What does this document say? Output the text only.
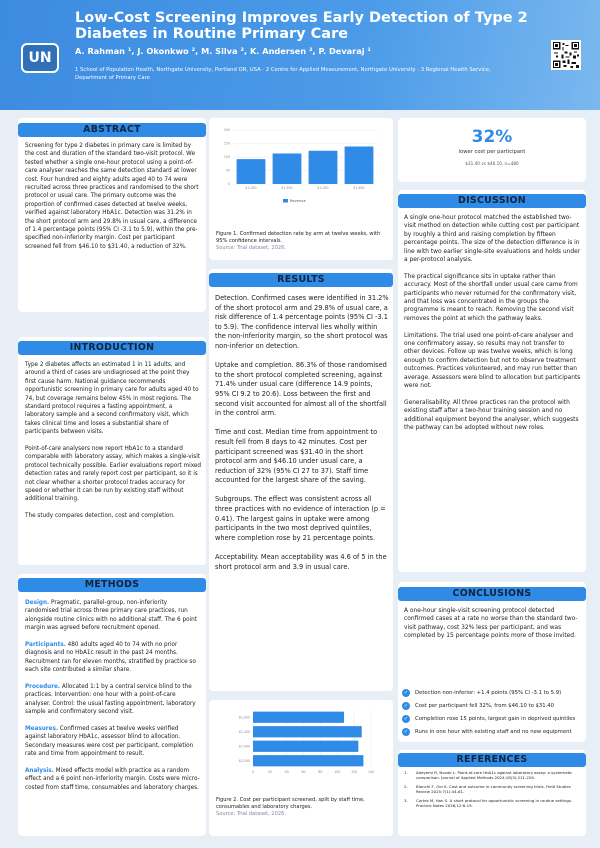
UN
Low-Cost Screening Improves Early Detection of Type 2 Diabetes in Routine Primary Care
A. Rahman ¹, J. Okonkwo ², M. Silva ³, K. Andersen ², P. Devaraj ¹
1 School of Population Health, Northgate University, Portland OR, USA · 2 Centre for Applied Measurement, Northgate University · 3 Regional Health Service, Department of Primary Care
ABSTRACT
Screening for type 2 diabetes in primary care is limited by the cost and duration of the standard two-visit protocol. We tested whether a single one-hour protocol using a point-of-care analyser reaches the same detection standard at lower cost. Four hundred and eighty adults aged 40 to 74 were recruited across three practices and randomised to the short protocol or usual care. The primary outcome was the proportion of confirmed cases detected at twelve weeks, verified against laboratory HbA1c. Detection was 31.2% in the short protocol arm and 29.8% in usual care, a difference of 1.4 percentage points (95% CI -3.1 to 5.9), within the pre-specified non-inferiority margin. Cost per participant screened fell from $46.10 to $31.40, a reduction of 32%.
INTRODUCTION

Type 2 diabetes affects an estimated 1 in 11 adults, and around a third of cases are undiagnosed at the point they first cause harm. National guidance recommends opportunistic screening in primary care for adults aged 40 to 74, but coverage remains below 45% in most regions. The standard protocol requires a fasting appointment, a laboratory sample and a second confirmatory visit, which takes clinical time and loses a substantial share of participants between visits.

Point-of-care analysers now report HbA1c to a standard comparable with laboratory assay, which makes a single-visit protocol technically possible. Earlier evaluations report mixed detection rates and rarely report cost per participant, so it is not clear whether a shorter protocol trades accuracy for speed or whether it can be run by existing staff without additional training.

The study compares detection, cost and completion.

METHODS

Design. Pragmatic, parallel-group, non-inferiority randomised trial across three primary care practices, run alongside routine clinics with no additional staff. The 6 point margin was agreed before recruitment opened.

Participants. 480 adults aged 40 to 74 with no prior diagnosis and no HbA1c result in the past 24 months. Recruitment ran for eleven months, stratified by practice so each site contributed a similar share.

Procedure. Allocated 1:1 by a central service blind to the practices. Intervention: one hour with a point-of-care analyser. Control: the usual fasting appointment, laboratory sample and confirmatory second visit.

Measures. Confirmed cases at twelve weeks verified against laboratory HbA1c, assessor blind to allocation. Secondary measures were cost per participant, completion rate and time from appointment to result.

Analysis. Mixed effects model with practice as a random effect and a 6 point non-inferiority margin. Costs were micro-costed from staff time, consumables and laboratory charges.

0
50
100
150
200
$1,050	$1,550	$1,050	$1,650
Revenue
Figure 1. Confirmed detection rate by arm at twelve weeks, with 95% confidence intervals.
Source: Trial dataset, 2026.
RESULTS

Detection. Confirmed cases were identified in 31.2% of the short protocol arm and 29.8% of usual care, a risk difference of 1.4 percentage points (95% CI -3.1 to 5.9). The confidence interval lies wholly within the non-inferiority margin, so the short protocol was non-inferior on detection.

Uptake and completion. 86.3% of those randomised to the short protocol completed screening, against 71.4% under usual care (difference 14.9 points, 95% CI 9.2 to 20.6). Loss between the first and second visit accounted for almost all of the shortfall in the control arm.

Time and cost. Median time from appointment to result fell from 8 days to 42 minutes. Cost per participant screened was $31.40 in the short protocol arm and $46.10 under usual care, a reduction of 32% (95% CI 27 to 37). Staff time accounted for the largest share of the saving.

Subgroups. The effect was consistent across all three practices with no evidence of interaction (p = 0.41). The largest gains in uptake were among participants in the two most deprived quintiles, where completion rose by 21 percentage points.

Acceptability. Mean acceptability was 4.6 of 5 in the short protocol arm and 3.9 in usual care.

0	20	40	60	80	100	120	140
$1,000
$1,400
$7,000
$2,500
Figure 2. Cost per participant screened, split by staff time, consumables and laboratory charges.
Source: Trial dataset, 2026.
32%
lower cost per participant
$31.40 vs $46.10, n=480
DISCUSSION

A single one-hour protocol matched the established two-visit method on detection while cutting cost per participant by roughly a third and raising completion by fifteen percentage points. The size of the detection difference is in line with two earlier single-site evaluations and holds under a per-protocol analysis.

The practical significance sits in uptake rather than accuracy. Most of the shortfall under usual care came from participants who never returned for the confirmatory visit, and that loss was concentrated in the groups the programme is meant to reach. Removing the second visit removes the point at which the pathway leaks.

Limitations. The trial used one point-of-care analyser and one confirmatory assay, so results may not transfer to other devices. Follow up was twelve weeks, which is long enough to confirm detection but not to observe treatment outcomes. Practices volunteered, and may run better than average. Assessors were blind to allocation but participants were not.

Generalisability. All three practices ran the protocol with existing staff after a two-hour training session and no additional equipment beyond the analyser, which suggests the pathway can be adopted without new roles.

CONCLUSIONS
A one-hour single-visit screening protocol detected confirmed cases at a rate no worse than the standard two-visit pathway, cost 32% less per participant, and was completed by 15 percentage points more of those invited.
✓	Detection non-inferior: +1.4 points (95% CI -3.1 to 5.9)
✓	Cost per participant fell 32%, from $46.10 to $31.40
✓	Completion rose 15 points, largest gain in deprived quintiles
✓	Runs in one hour with existing staff and no new equipment
REFERENCES
1.	Adeyemi R, Novak L. Point-of-care HbA1c against laboratory assay: a systematic comparison. Journal of Applied Methods 2024;18(3):211-229.
2.	Bianchi F, Ooi K. Cost and outcome in community screening trials. Field Studies Review 2025;7(1):44-61.
3.	Cortez M, Han S. A short protocol for opportunistic screening in routine settings. Practice Notes 2026;12:8-19.
